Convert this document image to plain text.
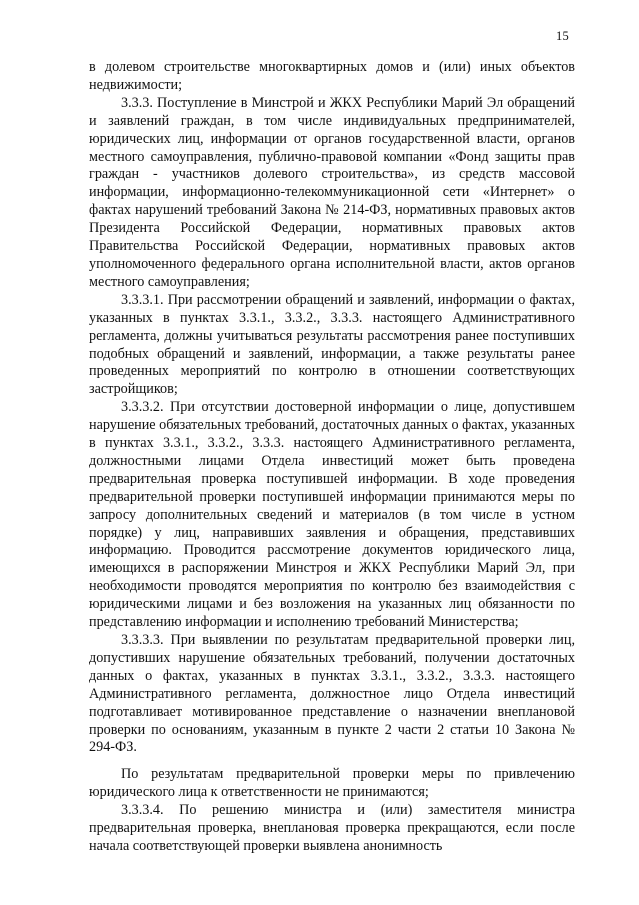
15

в долевом строительстве многоквартирных домов и (или) иных объектов недвижимости;

3.3.3. Поступление в Минстрой и ЖКХ Республики Марий Эл обращений и заявлений граждан, в том числе индивидуальных предпринимателей, юридических лиц, информации от органов государственной власти, органов местного самоуправления, публично-правовой компании «Фонд защиты прав граждан - участников долевого строительства», из средств массовой информации, информационно-телекоммуникационной сети «Интернет» о фактах нарушений требований Закона № 214-ФЗ, нормативных правовых актов Президента Российской Федерации, нормативных правовых актов Правительства Российской Федерации, нормативных правовых актов уполномоченного федерального органа исполнительной власти, актов органов местного самоуправления;

3.3.3.1. При рассмотрении обращений и заявлений, информации о фактах, указанных в пунктах 3.3.1., 3.3.2., 3.3.3. настоящего Административного регламента, должны учитываться результаты рассмотрения ранее поступивших подобных обращений и заявлений, информации, а также результаты ранее проведенных мероприятий по контролю в отношении соответствующих застройщиков;

3.3.3.2. При отсутствии достоверной информации о лице, допустившем нарушение обязательных требований, достаточных данных о фактах, указанных в пунктах 3.3.1., 3.3.2., 3.3.3. настоящего Административного регламента, должностными лицами Отдела инвестиций может быть проведена предварительная проверка поступившей информации. В ходе проведения предварительной проверки поступившей информации принимаются меры по запросу дополнительных сведений и материалов (в том числе в устном порядке) у лиц, направивших заявления и обращения, представивших информацию. Проводится рассмотрение документов юридического лица, имеющихся в распоряжении Минстроя и ЖКХ Республики Марий Эл, при необходимости проводятся мероприятия по контролю без взаимодействия с юридическими лицами и без возложения на указанных лиц обязанности по представлению информации и исполнению требований Министерства;

3.3.3.3. При выявлении по результатам предварительной проверки лиц, допустивших нарушение обязательных требований, получении достаточных данных о фактах, указанных в пунктах 3.3.1., 3.3.2., 3.3.3. настоящего Административного регламента, должностное лицо Отдела инвестиций подготавливает мотивированное представление о назначении внеплановой проверки по основаниям, указанным в пункте 2 части 2 статьи 10 Закона № 294-ФЗ.

По результатам предварительной проверки меры по привлечению юридического лица к ответственности не принимаются;

3.3.3.4. По решению министра и (или) заместителя министра предварительная проверка, внеплановая проверка прекращаются, если после начала соответствующей проверки выявлена анонимность
